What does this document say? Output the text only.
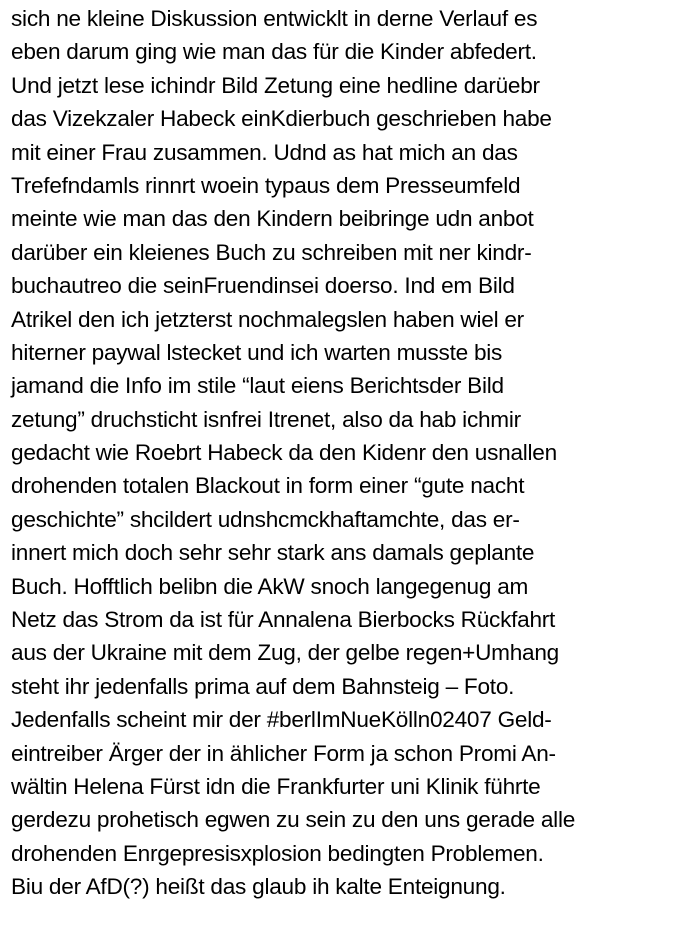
sich ne kleine Diskussion entwicklt in derne Verlauf es
eben darum ging wie man das für die Kinder abfedert.
Und jetzt lese ichindr Bild Zetung eine hedline darüebr
das Vizekzaler Habeck einKdierbuch geschrieben habe
mit einer Frau zusammen. Udnd as hat mich an das
Trefefndamls rinnrt woein typaus dem Presseumfeld
meinte wie man das den Kindern beibringe udn anbot
darüber ein kleienes Buch zu schreiben mit ner kindr-
buchautreo die seinFruendinsei doerso. Ind em Bild
Atrikel den ich jetzterst nochmalegslen haben wiel er
hiterner paywal lstecket und ich warten musste bis
jamand die Info im stile “laut eiens Berichtsder Bild
zetung” druchsticht isnfrei Itrenet, also da hab ichmir
gedacht wie Roebrt Habeck da den Kidenr den usnallen
drohenden totalen Blackout in form einer “gute nacht
geschichte” shcildert udnshcmckhaftamchte, das er-
innert mich doch sehr sehr stark ans damals geplante
Buch. Hofftlich belibn die AkW snoch langegenug am
Netz das Strom da ist für Annalena Bierbocks Rückfahrt
aus der Ukraine mit dem Zug, der gelbe regen+Umhang
steht ihr jedenfalls prima auf dem Bahnsteig – Foto.
Jedenfalls scheint mir der #berlImNueKölln02407 Geld-
eintreiber Ärger der in ählicher Form ja schon Promi An-
wältin Helena Fürst idn die Frankfurter uni Klinik führte
gerdezu prohetisch egwen zu sein zu den uns gerade alle
drohenden Enrgepresisxplosion bedingten Problemen.
Biu der AfD(?) heißt das glaub ih kalte Enteignung.
